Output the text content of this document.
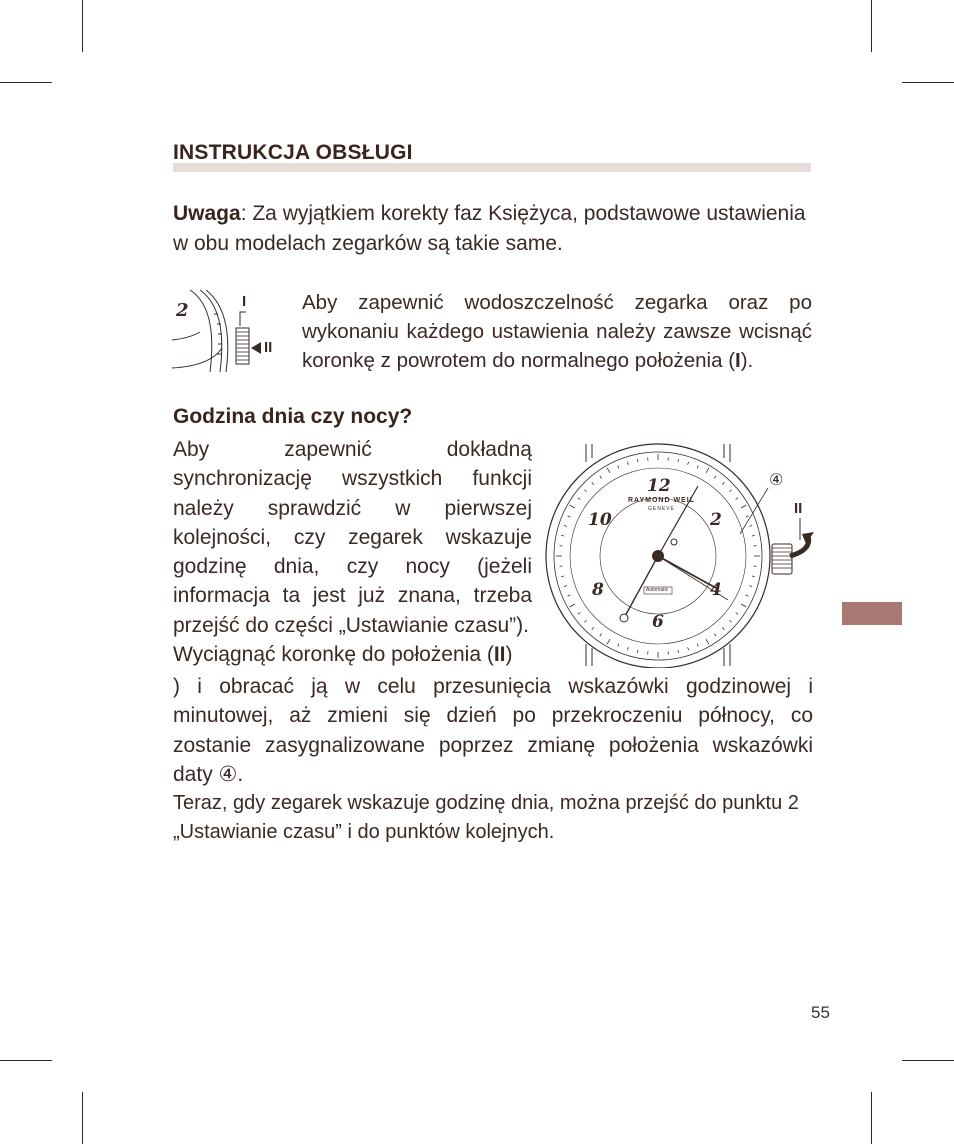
INSTRUKCJA OBSŁUGI
Uwaga: Za wyjątkiem korekty faz Księżyca, podstawowe ustawienia w obu modelach zegarków są takie same.
2	I
II
Aby zapewnić wodoszczelność zegarka oraz po wykonaniu każdego ustawienia należy zawsze wcisnąć koronkę z powrotem do normalnego położenia (I).
Godzina dnia czy nocy?
Aby zapewnić dokładną synchronizację wszystkich funkcji należy sprawdzić w pierwszej kolejności, czy zegarek wskazuje godzinę dnia, czy nocy (jeżeli informacja ta jest już znana, trzeba przejść do części „Ustawianie czasu”).
Wyciągnąć koronkę do położenia (II)
RAYMOND WEIL
GENEVE
Automatic
12
2
4
6
8
10
④
II
) i obracać ją w celu przesunięcia wskazówki godzinowej i minutowej, aż zmieni się dzień po przekroczeniu północy, co zostanie zasygnalizowane poprzez zmianę położenia wskazówki daty ④.
Teraz, gdy zegarek wskazuje godzinę dnia, można przejść do punktu 2 „Ustawianie czasu” i do punktów kolejnych.
55
